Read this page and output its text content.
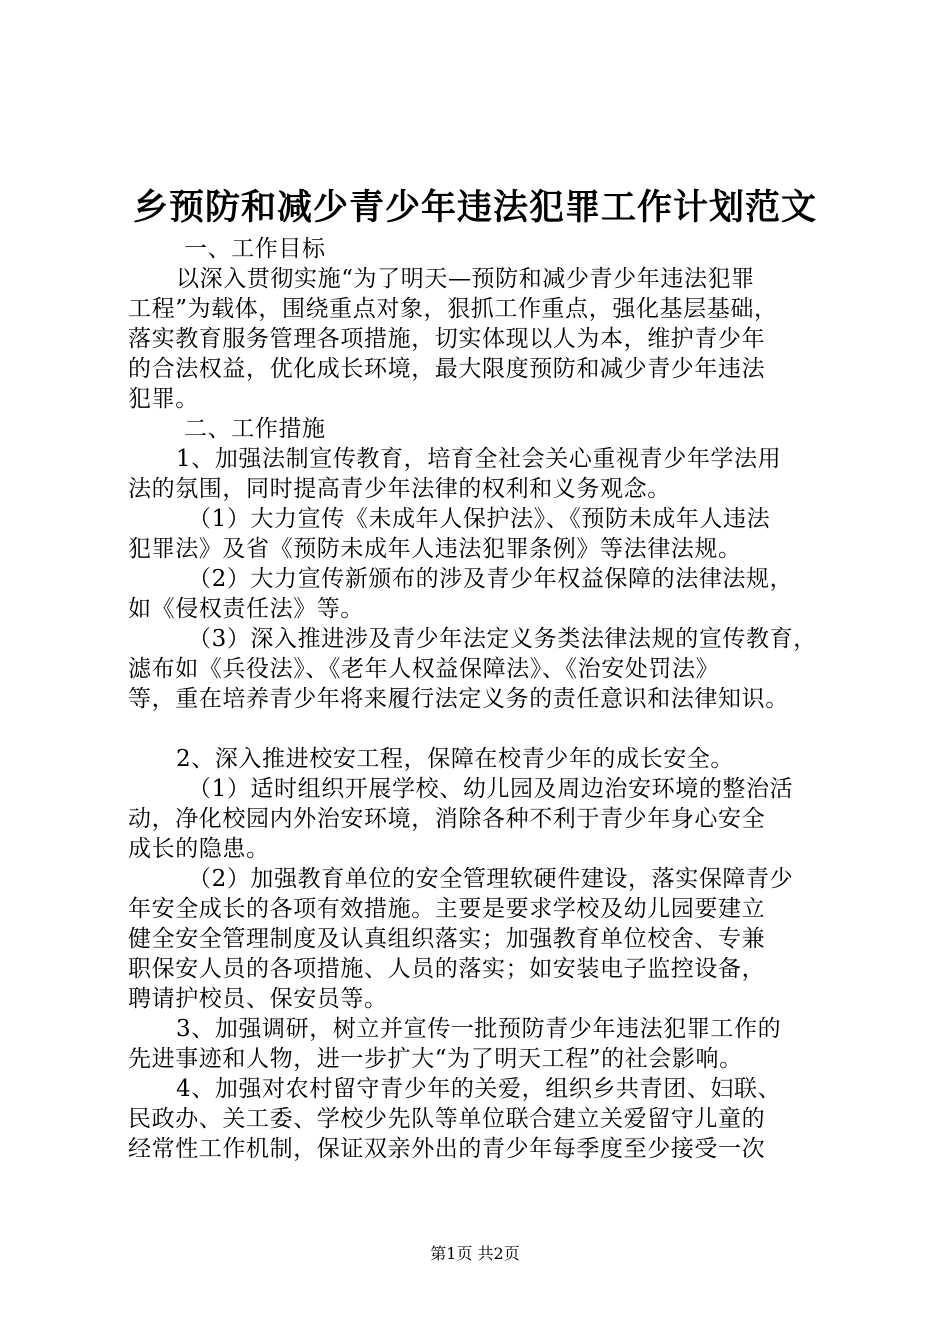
乡预防和减少青少年违法犯罪工作计划范文
一、工作目标
以深入贯彻实施“为了明天—预防和减少青少年违法犯罪
工程”为载体，围绕重点对象，狠抓工作重点，强化基层基础，
落实教育服务管理各项措施，切实体现以人为本，维护青少年
的合法权益，优化成长环境，最大限度预防和减少青少年违法
犯罪。
二、工作措施
1、加强法制宣传教育，培育全社会关心重视青少年学法用
法的氛围，同时提高青少年法律的权利和义务观念。
（1）大力宣传《未成年人保护法》、《预防未成年人违法
犯罪法》及省《预防未成年人违法犯罪条例》等法律法规。
（2）大力宣传新颁布的涉及青少年权益保障的法律法规，
如《侵权责任法》等。
（3）深入推进涉及青少年法定义务类法律法规的宣传教育，
滤布如《兵役法》、《老年人权益保障法》、《治安处罚法》
等，重在培养青少年将来履行法定义务的责任意识和法律知识。
2、深入推进校安工程，保障在校青少年的成长安全。
（1）适时组织开展学校、幼儿园及周边治安环境的整治活
动，净化校园内外治安环境，消除各种不利于青少年身心安全
成长的隐患。
（2）加强教育单位的安全管理软硬件建设，落实保障青少
年安全成长的各项有效措施。主要是要求学校及幼儿园要建立
健全安全管理制度及认真组织落实；加强教育单位校舍、专兼
职保安人员的各项措施、人员的落实；如安装电子监控设备，
聘请护校员、保安员等。
3、加强调研，树立并宣传一批预防青少年违法犯罪工作的
先进事迹和人物，进一步扩大“为了明天工程”的社会影响。
4、加强对农村留守青少年的关爱，组织乡共青团、妇联、
民政办、关工委、学校少先队等单位联合建立关爱留守儿童的
经常性工作机制，保证双亲外出的青少年每季度至少接受一次
第1页 共2页
